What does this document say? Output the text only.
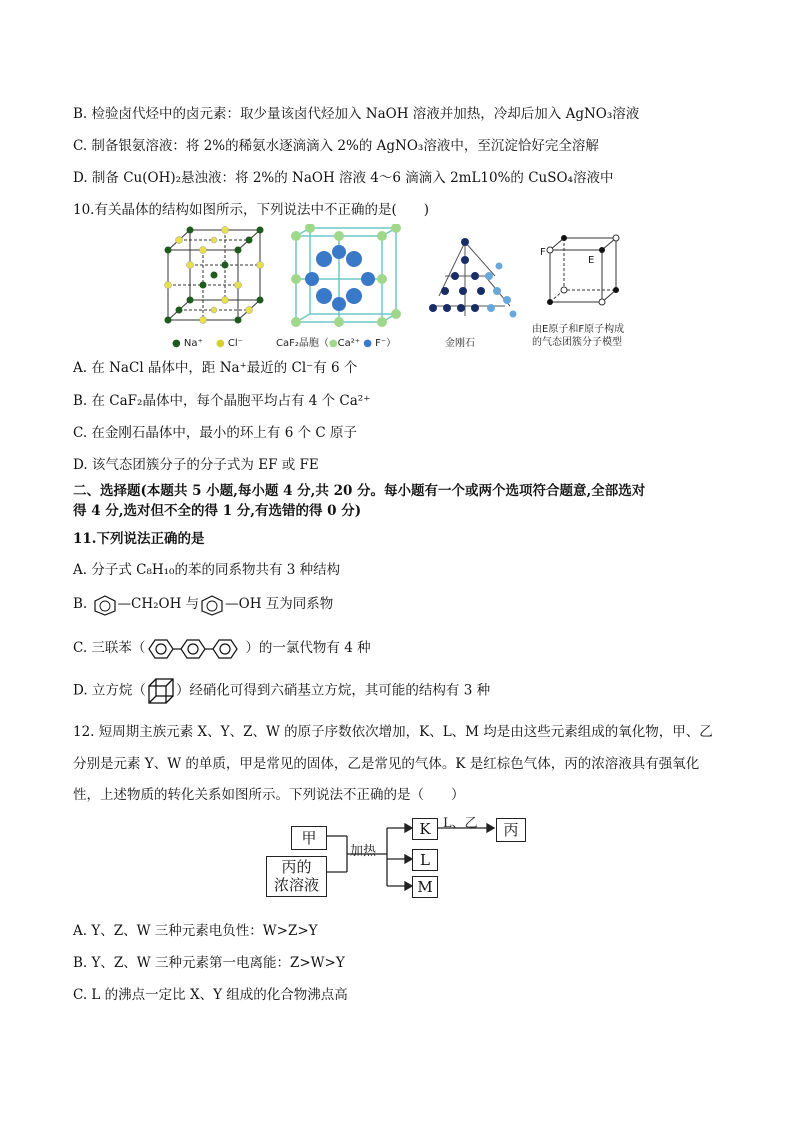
B. 检验卤代烃中的卤元素：取少量该卤代烃加入 NaOH 溶液并加热，冷却后加入 AgNO₃溶液
C. 制备银氨溶液：将 2%的稀氨水逐滴滴入 2%的 AgNO₃溶液中，至沉淀恰好完全溶解
D. 制备 Cu(OH)₂悬浊液：将 2%的 NaOH 溶液 4～6 滴滴入 2mL10%的 CuSO₄溶液中
10.有关晶体的结构如图所示，下列说法中不正确的是(　　)
● Na⁺　 ● Cl⁻	CaF₂晶胞（●Ca²⁺ ● F⁻）	金刚石
F
E
由E原子和F原子构成
的气态团簇分子模型
A. 在 NaCl 晶体中，距 Na⁺最近的 Cl⁻有 6 个
B. 在 CaF₂晶体中，每个晶胞平均占有 4 个 Ca²⁺
C. 在金刚石晶体中，最小的环上有 6 个 C 原子
D. 该气态团簇分子的分子式为 EF 或 FE
二、选择题(本题共 5 小题,每小题 4 分,共 20 分。每小题有一个或两个选项符合题意,全部选对
得 4 分,选对但不全的得 1 分,有选错的得 0 分)
11.下列说法正确的是
A. 分子式 C₈H₁₀的苯的同系物共有 3 种结构
B. —CH₂OH 与 —OH 互为同系物
C. 三联苯（	）的一氯代物有 4 种
D. 立方烷（ ）经硝化可得到六硝基立方烷，其可能的结构有 3 种
12. 短周期主族元素 X、Y、Z、W 的原子序数依次增加，K、L、M 均是由这些元素组成的氧化物，甲、乙
分别是元素 Y、W 的单质，甲是常见的固体，乙是常见的气体。K 是红棕色气体，丙的浓溶液具有强氧化
性，上述物质的转化关系如图所示。下列说法不正确的是（　　）
甲
丙的
浓溶液
加热
K
L
M
L、乙	丙
A. Y、Z、W 三种元素电负性：W>Z>Y
B. Y、Z、W 三种元素第一电离能：Z>W>Y
C. L 的沸点一定比 X、Y 组成的化合物沸点高
